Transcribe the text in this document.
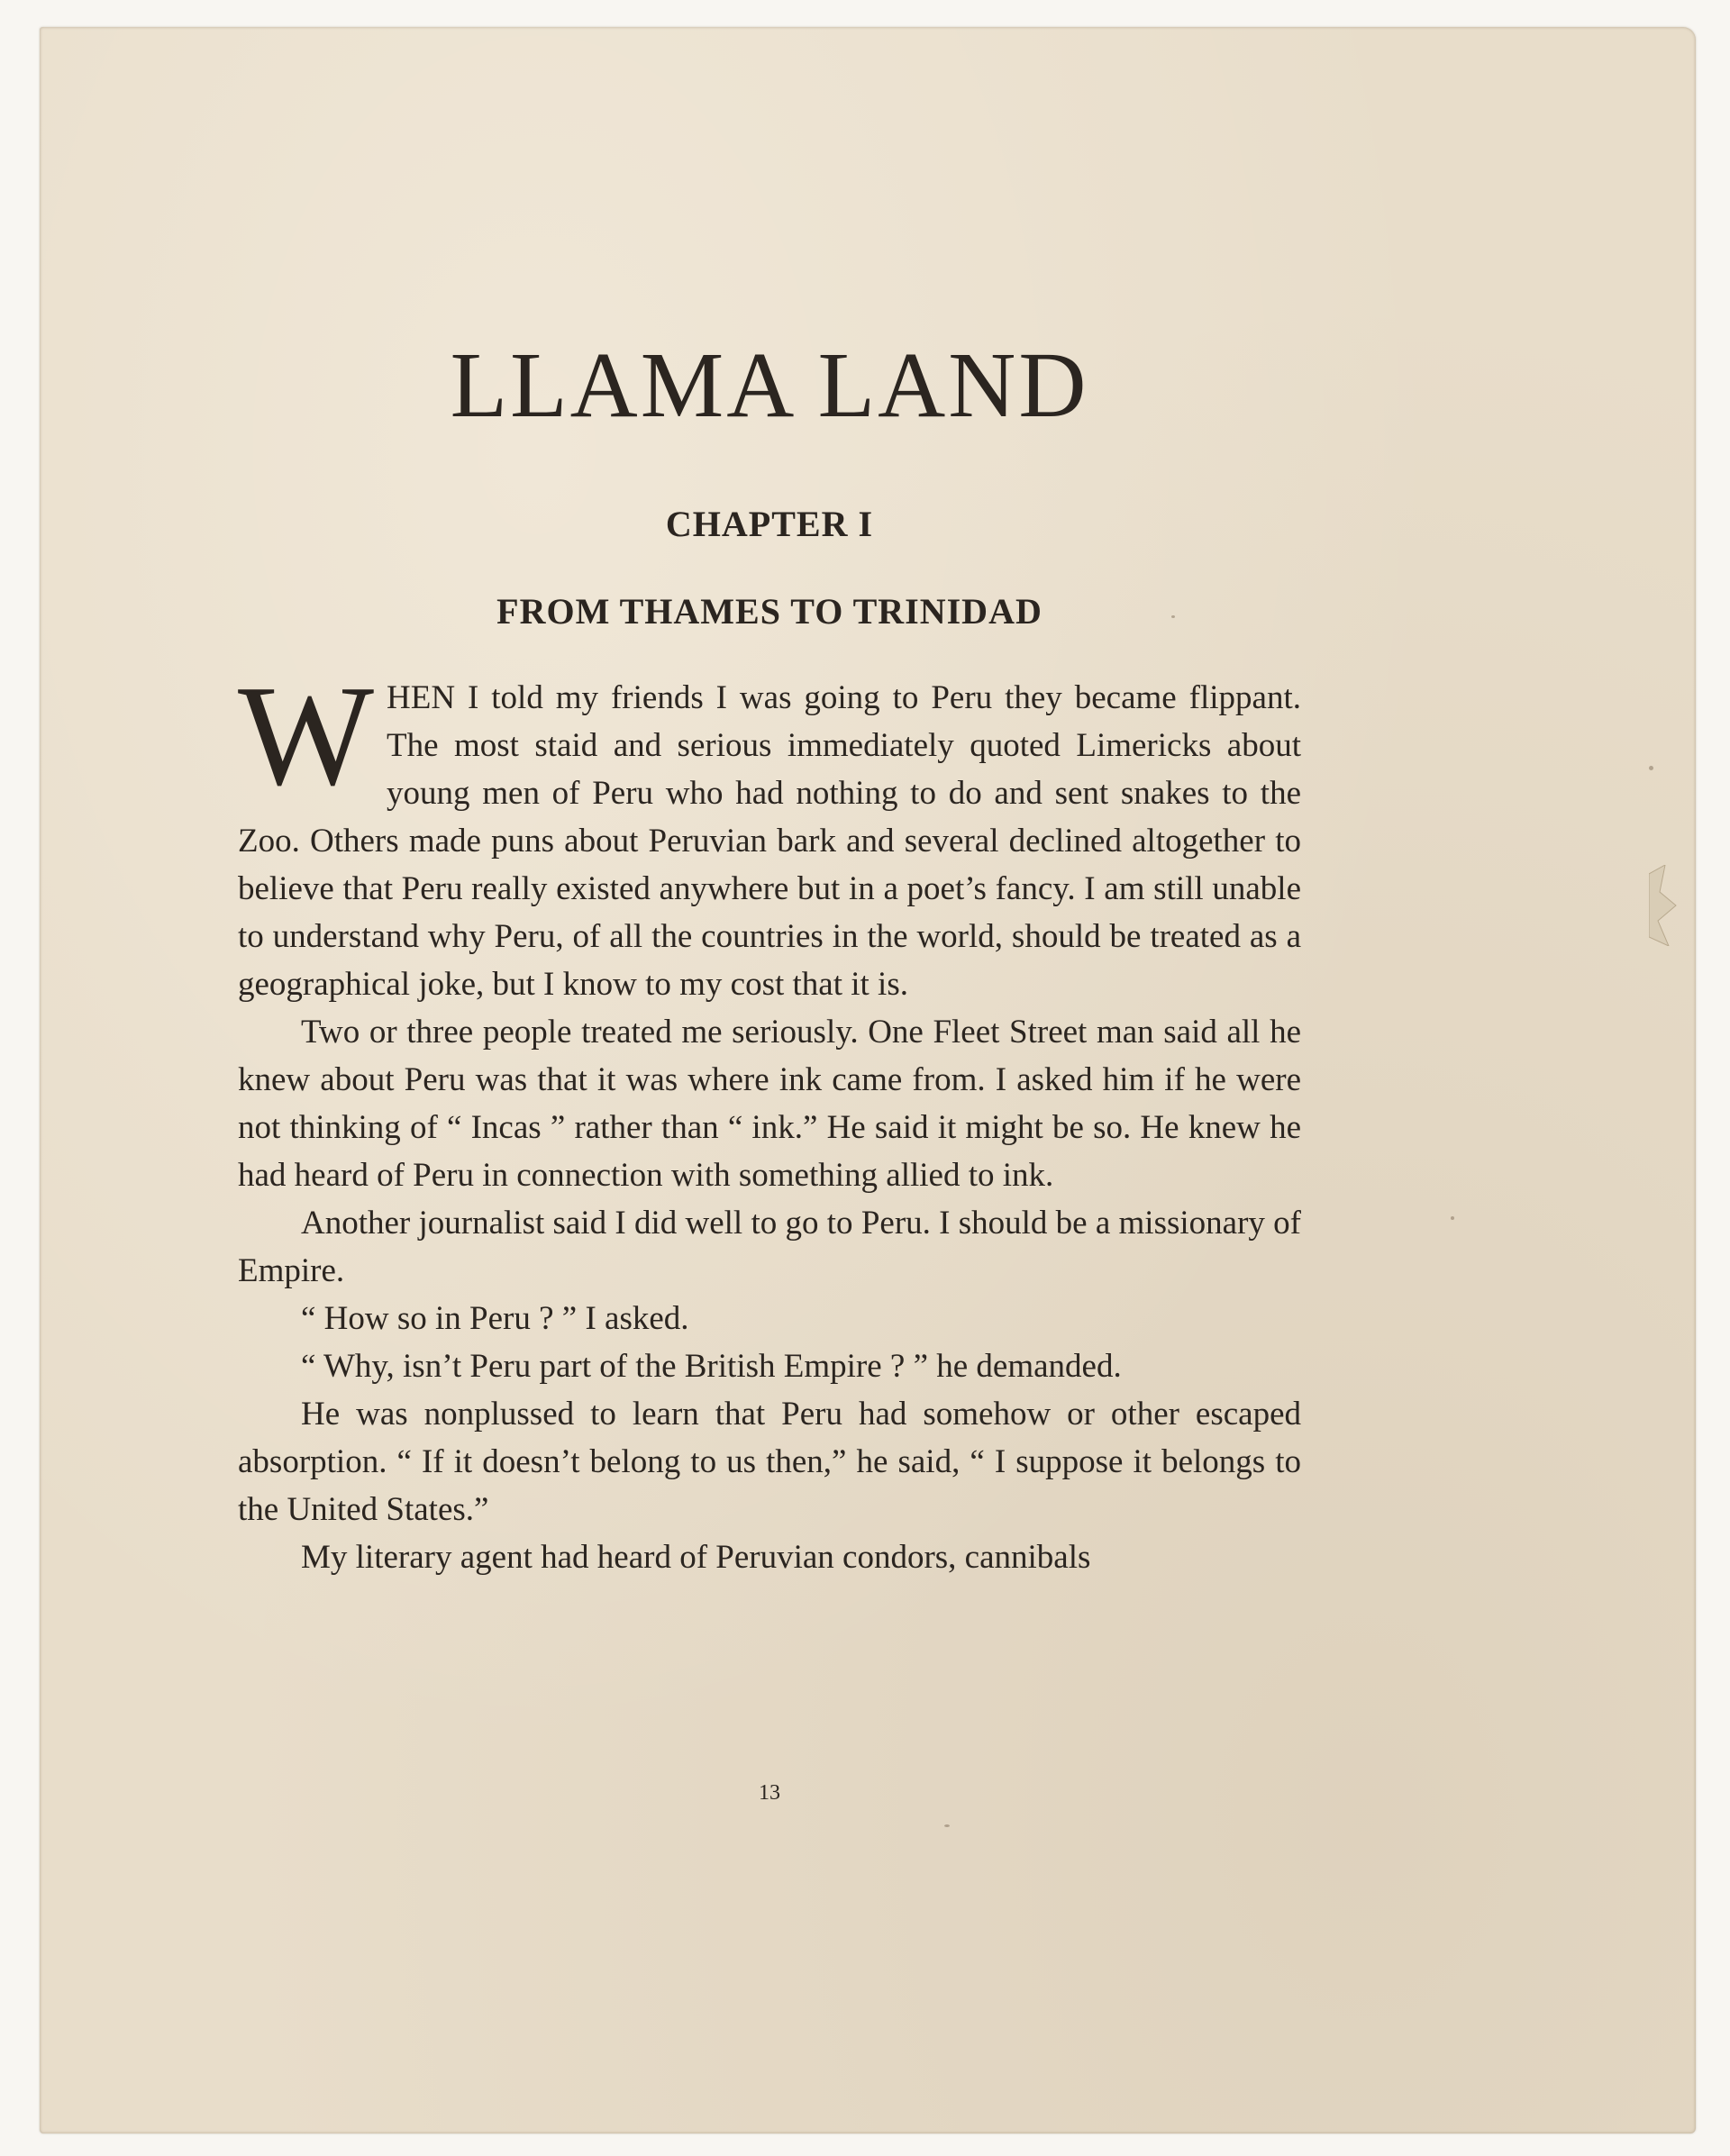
LLAMA LAND
CHAPTER I
FROM THAMES TO TRINIDAD

WHEN I told my friends I was going to Peru they became flippant. The most staid and serious immediately quoted Limericks about young men of Peru who had nothing to do and sent snakes to the Zoo. Others made puns about Peruvian bark and several declined altogether to believe that Peru really existed anywhere but in a poet’s fancy. I am still unable to understand why Peru, of all the countries in the world, should be treated as a geographical joke, but I know to my cost that it is.

Two or three people treated me seriously. One Fleet Street man said all he knew about Peru was that it was where ink came from. I asked him if he were not thinking of “ Incas ” rather than “ ink.” He said it might be so. He knew he had heard of Peru in connection with something allied to ink.

Another journalist said I did well to go to Peru. I should be a missionary of Empire.

“ How so in Peru ? ” I asked.

“ Why, isn’t Peru part of the British Empire ? ” he demanded.

He was nonplussed to learn that Peru had somehow or other escaped absorption. “ If it doesn’t belong to us then,” he said, “ I suppose it belongs to the United States.”

My literary agent had heard of Peruvian condors, cannibals

13
